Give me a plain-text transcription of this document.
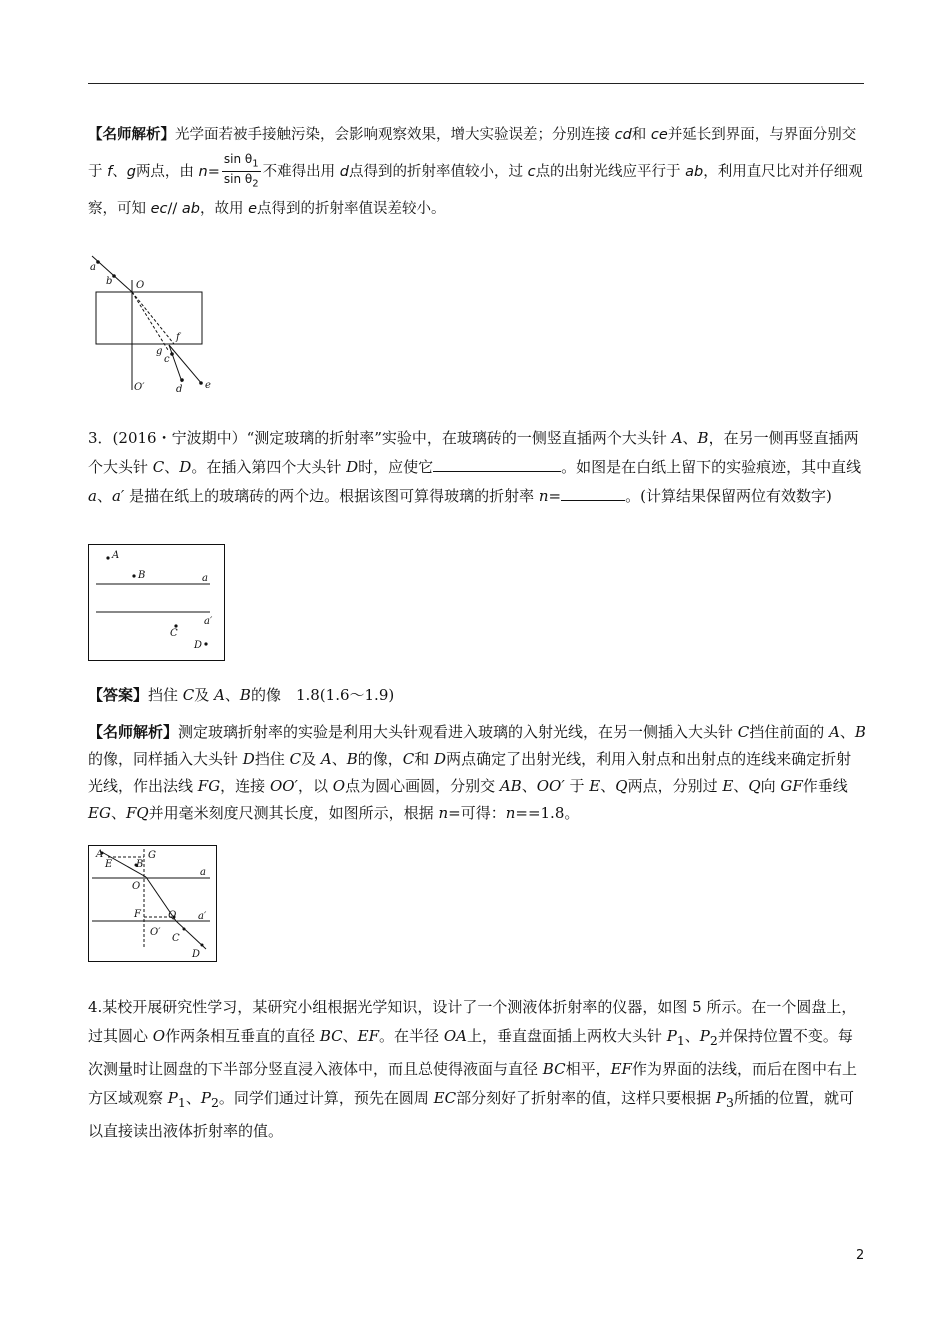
【名师解析】光学面若被手接触污染，会影响观察效果，增大实验误差；分别连接 cd和 ce并延长到界面，与界面分别交于 f、g两点，由 $n= \frac{\sin \theta_1}{\sin \theta_2}$ 不难得出用 d点得到的折射率值较小，过 c点的出射光线应平行于 ab，利用直尺比对并仔细观察，可知 ec// ab，故用 e点得到的折射率值误差较小。
a
b O
f
g
c
O′	d e
3．(2016・宁波期中）“测定玻璃的折射率”实验中，在玻璃砖的一侧竖直插两个大头针 A、B，在另一侧再竖直插两个大头针 C、D。在插入第四个大头针 D时，应使它	。如图是在白纸上留下的实验痕迹，其中直线 a、a′ 是描在纸上的玻璃砖的两个边。根据该图可算得玻璃的折射率 n=	。(计算结果保留两位有效数字)
A
B	a
C
a′
D
【答案】挡住 C及 A、B的像　1.8(1.6～1.9)
【名师解析】测定玻璃折射率的实验是利用大头针观看进入玻璃的入射光线，在另一侧插入大头针 C挡住前面的 A、B的像，同样插入大头针 D挡住 C及 A、B的像，C和 D两点确定了出射光线，利用入射点和出射点的连线来确定折射光线，作出法线 FG，连接 OO′，以 O点为圆心画圆，分别交 AB、OO′ 于 E、Q两点，分别过 E、Q向 GF作垂线 EG、FQ并用毫米刻度尺测其长度，如图所示，根据 n=可得：n==1.8。
A
E B
G
a
O
F	Q a′
O′
C
D
4.某校开展研究性学习，某研究小组根据光学知识，设计了一个测液体折射率的仪器，如图 5 所示。在一个圆盘上，过其圆心 O作两条相互垂直的直径 BC、EF。在半径 OA上，垂直盘面插上两枚大头针 $P_1$、$P_2$并保持位置不变。每次测量时让圆盘的下半部分竖直浸入液体中，而且总使得液面与直径 BC相平，EF作为界面的法线，而后在图中右上方区域观察 $P_1$、$P_2$。同学们通过计算，预先在圆周 EC部分刻好了折射率的值，这样只要根据 $P_3$所插的位置，就可以直接读出液体折射率的值。
2
